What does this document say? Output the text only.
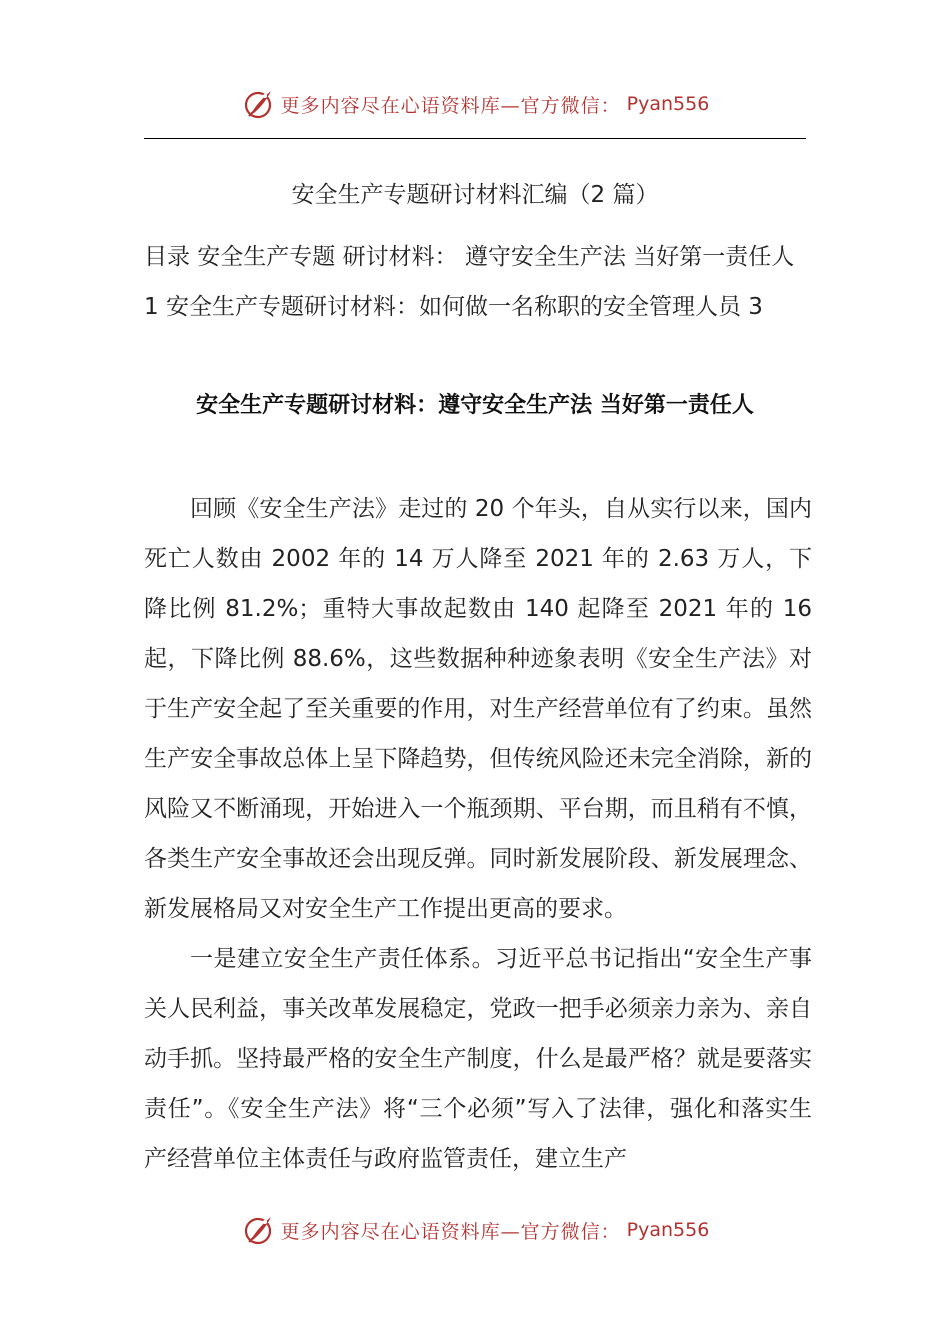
更多内容尽在心语资料库—官方微信： Pyan556
安全生产专题研讨材料汇编（2 篇）
目录 安全生产专题 研讨材料： 遵守安全生产法 当好第一责任人 1 安全生产专题研讨材料：如何做一名称职的安全管理人员 3
安全生产专题研讨材料：遵守安全生产法 当好第一责任人

回顾《安全生产法》走过的 20 个年头，自从实行以来，国内死亡人数由 2002 年的 14 万人降至 2021 年的 2.63 万人，下降比例 81.2%；重特大事故起数由 140 起降至 2021 年的 16 起，下降比例 88.6%，这些数据种种迹象表明《安全生产法》对于生产安全起了至关重要的作用，对生产经营单位有了约束。虽然生产安全事故总体上呈下降趋势，但传统风险还未完全消除，新的风险又不断涌现，开始进入一个瓶颈期、平台期，而且稍有不慎，各类生产安全事故还会出现反弹。同时新发展阶段、新发展理念、新发展格局又对安全生产工作提出更高的要求。

一是建立安全生产责任体系。习近平总书记指出“安全生产事关人民利益，事关改革发展稳定，党政一把手必须亲力亲为、亲自动手抓。坚持最严格的安全生产制度，什么是最严格？就是要落实责任”。《安全生产法》将“三个必须”写入了法律，强化和落实生产经营单位主体责任与政府监管责任，建立生产

更多内容尽在心语资料库—官方微信： Pyan556
